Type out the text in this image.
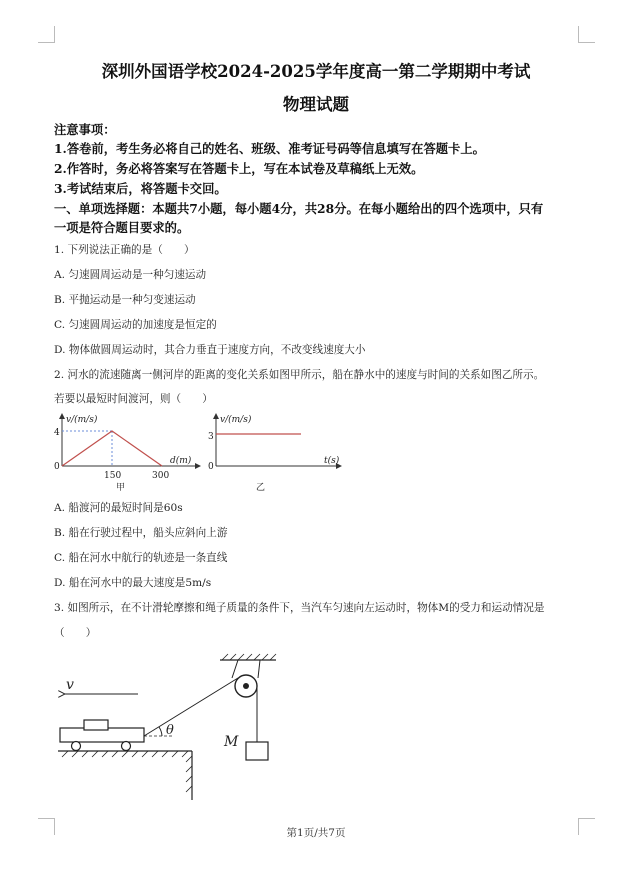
深圳外国语学校2024-2025学年度高一第二学期期中考试
物理试题
注意事项：
1.答卷前，考生务必将自己的姓名、班级、准考证号码等信息填写在答题卡上。
2.作答时，务必将答案写在答题卡上，写在本试卷及草稿纸上无效。
3.考试结束后，将答题卡交回。
一、单项选择题：本题共7小题，每小题4分，共28分。在每小题给出的四个选项中，只有
一项是符合题目要求的。
1. 下列说法正确的是（　　）
A. 匀速圆周运动是一种匀速运动
B. 平抛运动是一种匀变速运动
C. 匀速圆周运动的加速度是恒定的
D. 物体做圆周运动时，其合力垂直于速度方向，不改变线速度大小
2. 河水的流速随离一侧河岸的距离的变化关系如图甲所示，船在静水中的速度与时间的关系如图乙所示。
若要以最短时间渡河，则（　　）
v/(m/s)
d(m)
4
0
150	300
甲
v/(m/s)
t(s)
3
0
乙
A. 船渡河的最短时间是60s
B. 船在行驶过程中，船头应斜向上游
C. 船在河水中航行的轨迹是一条直线
D. 船在河水中的最大速度是5m/s
3. 如图所示，在不计滑轮摩擦和绳子质量的条件下，当汽车匀速向左运动时，物体M的受力和运动情况是
（　　）
v
M
θ
第1页/共7页
